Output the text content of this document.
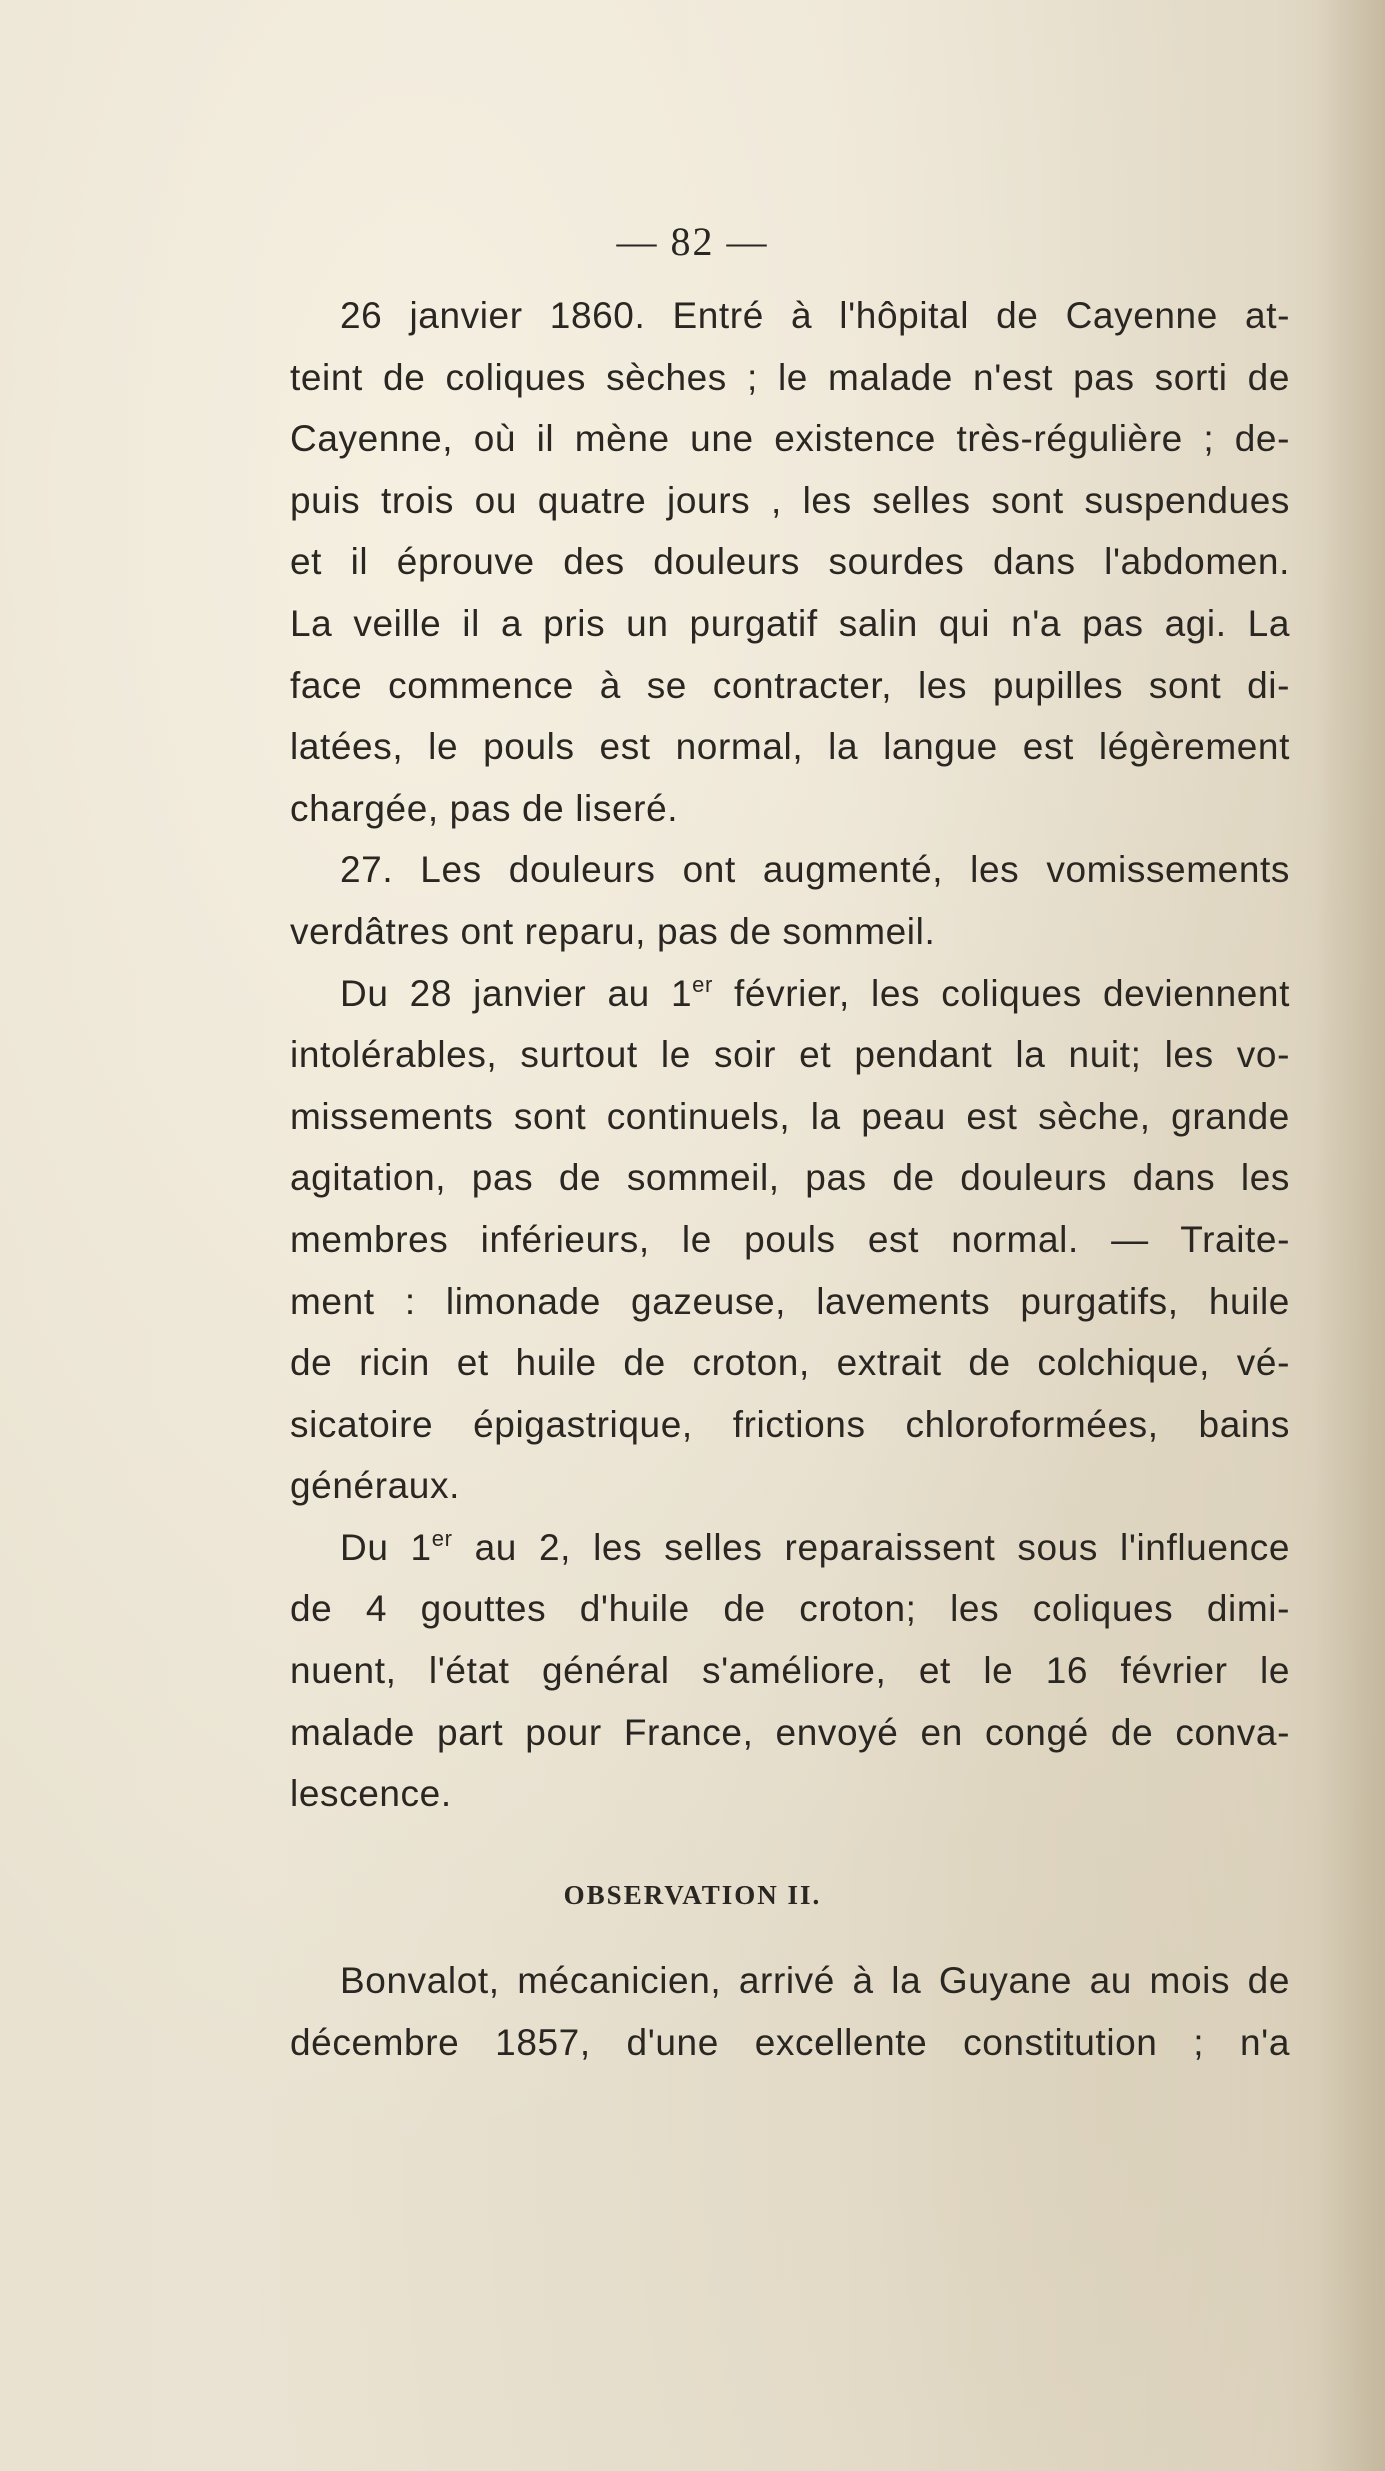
— 82 —
26 janvier 1860. Entré à l'hôpital de Cayenne at-
teint de coliques sèches ; le malade n'est pas sorti de
Cayenne, où il mène une existence très-régulière ; de-
puis trois ou quatre jours , les selles sont suspendues
et il éprouve des douleurs sourdes dans l'abdomen.
La veille il a pris un purgatif salin qui n'a pas agi. La
face commence à se contracter, les pupilles sont di-
latées, le pouls est normal, la langue est légèrement
chargée, pas de liseré.
27. Les douleurs ont augmenté, les vomissements
verdâtres ont reparu, pas de sommeil.
Du 28 janvier au 1er février, les coliques deviennent
intolérables, surtout le soir et pendant la nuit; les vo-
missements sont continuels, la peau est sèche, grande
agitation, pas de sommeil, pas de douleurs dans les
membres inférieurs, le pouls est normal. — Traite-
ment : limonade gazeuse, lavements purgatifs, huile
de ricin et huile de croton, extrait de colchique, vé-
sicatoire épigastrique, frictions chloroformées, bains
généraux.
Du 1er au 2, les selles reparaissent sous l'influence
de 4 gouttes d'huile de croton; les coliques dimi-
nuent, l'état général s'améliore, et le 16 février le
malade part pour France, envoyé en congé de conva-
lescence.
OBSERVATION II.
Bonvalot, mécanicien, arrivé à la Guyane au mois de
décembre 1857, d'une excellente constitution ; n'a
